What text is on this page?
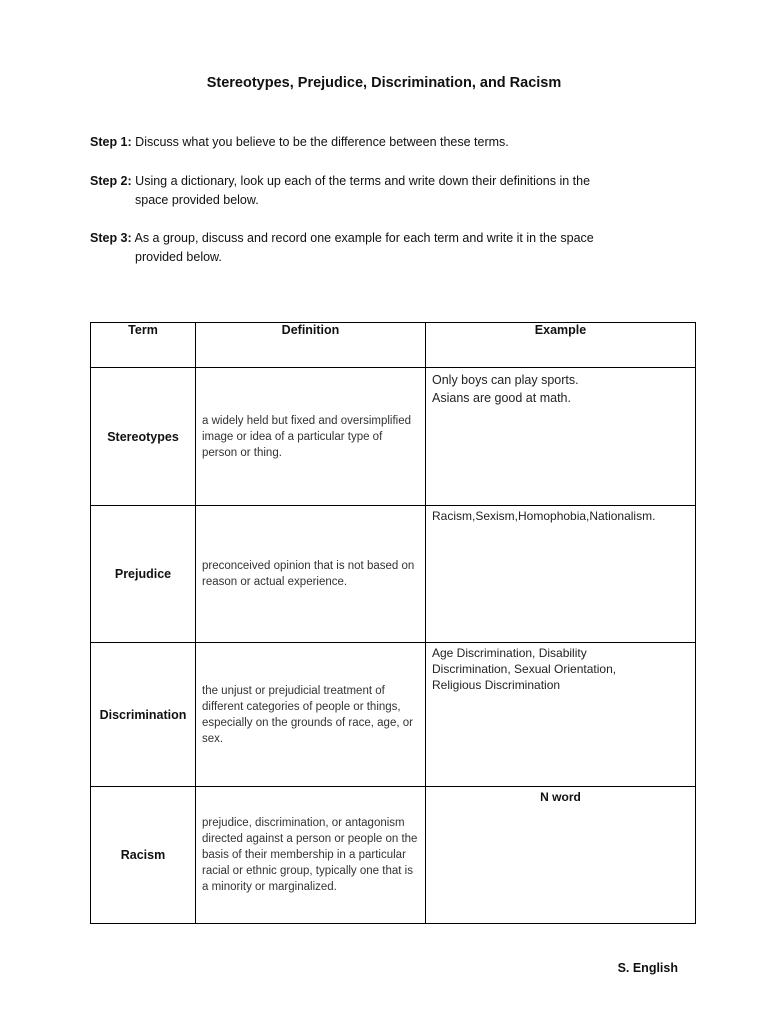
Stereotypes, Prejudice, Discrimination, and Racism
Step 1: Discuss what you believe to be the difference between these terms.
Step 2: Using a dictionary, look up each of the terms and write down their definitions in the
space provided below.
Step 3: As a group, discuss and record one example for each term and write it in the space
provided below.
Term	Definition	Example
Stereotypes	a widely held but fixed and oversimplified image or idea of a particular type of person or thing.	Only boys can play sports.
Asians are good at math.

Prejudice	preconceived opinion that is not based on reason or actual experience.	Racism,Sexism,Homophobia,Nationalism.

Discrimination	the unjust or prejudicial treatment of different categories of people or things, especially on the grounds of race, age, or sex.	Age Discrimination, Disability
Discrimination, Sexual Orientation,
Religious Discrimination

Racism	prejudice, discrimination, or antagonism directed against a person or people on the basis of their membership in a particular racial or ethnic group, typically one that is a minority or marginalized.	N word
S. English
